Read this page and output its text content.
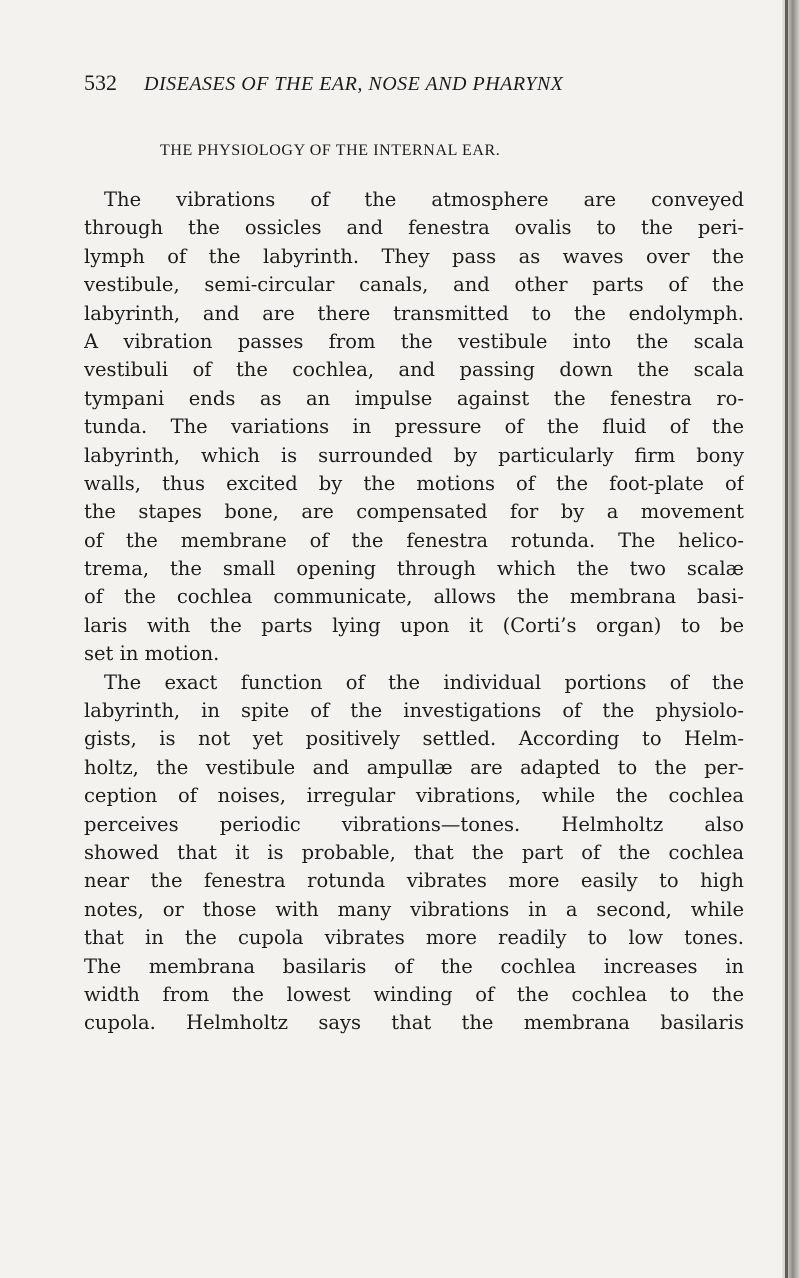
532	DISEASES OF THE EAR, NOSE AND PHARYNX
THE PHYSIOLOGY OF THE INTERNAL EAR.
The vibrations of the atmosphere are conveyed
through the ossicles and fenestra ovalis to the peri-
lymph of the labyrinth. They pass as waves over the
vestibule, semi-circular canals, and other parts of the
labyrinth, and are there transmitted to the endolymph.
A vibration passes from the vestibule into the scala
vestibuli of the cochlea, and passing down the scala
tympani ends as an impulse against the fenestra ro-
tunda. The variations in pressure of the fluid of the
labyrinth, which is surrounded by particularly firm bony
walls, thus excited by the motions of the foot-plate of
the stapes bone, are compensated for by a movement
of the membrane of the fenestra rotunda. The helico-
trema, the small opening through which the two scalæ
of the cochlea communicate, allows the membrana basi-
laris with the parts lying upon it (Corti’s organ) to be
set in motion.
The exact function of the individual portions of the
labyrinth, in spite of the investigations of the physiolo-
gists, is not yet positively settled. According to Helm-
holtz, the vestibule and ampullæ are adapted to the per-
ception of noises, irregular vibrations, while the cochlea
perceives periodic vibrations—tones. Helmholtz also
showed that it is probable, that the part of the cochlea
near the fenestra rotunda vibrates more easily to high
notes, or those with many vibrations in a second, while
that in the cupola vibrates more readily to low tones.
The membrana basilaris of the cochlea increases in
width from the lowest winding of the cochlea to the
cupola. Helmholtz says that the membrana basilaris
